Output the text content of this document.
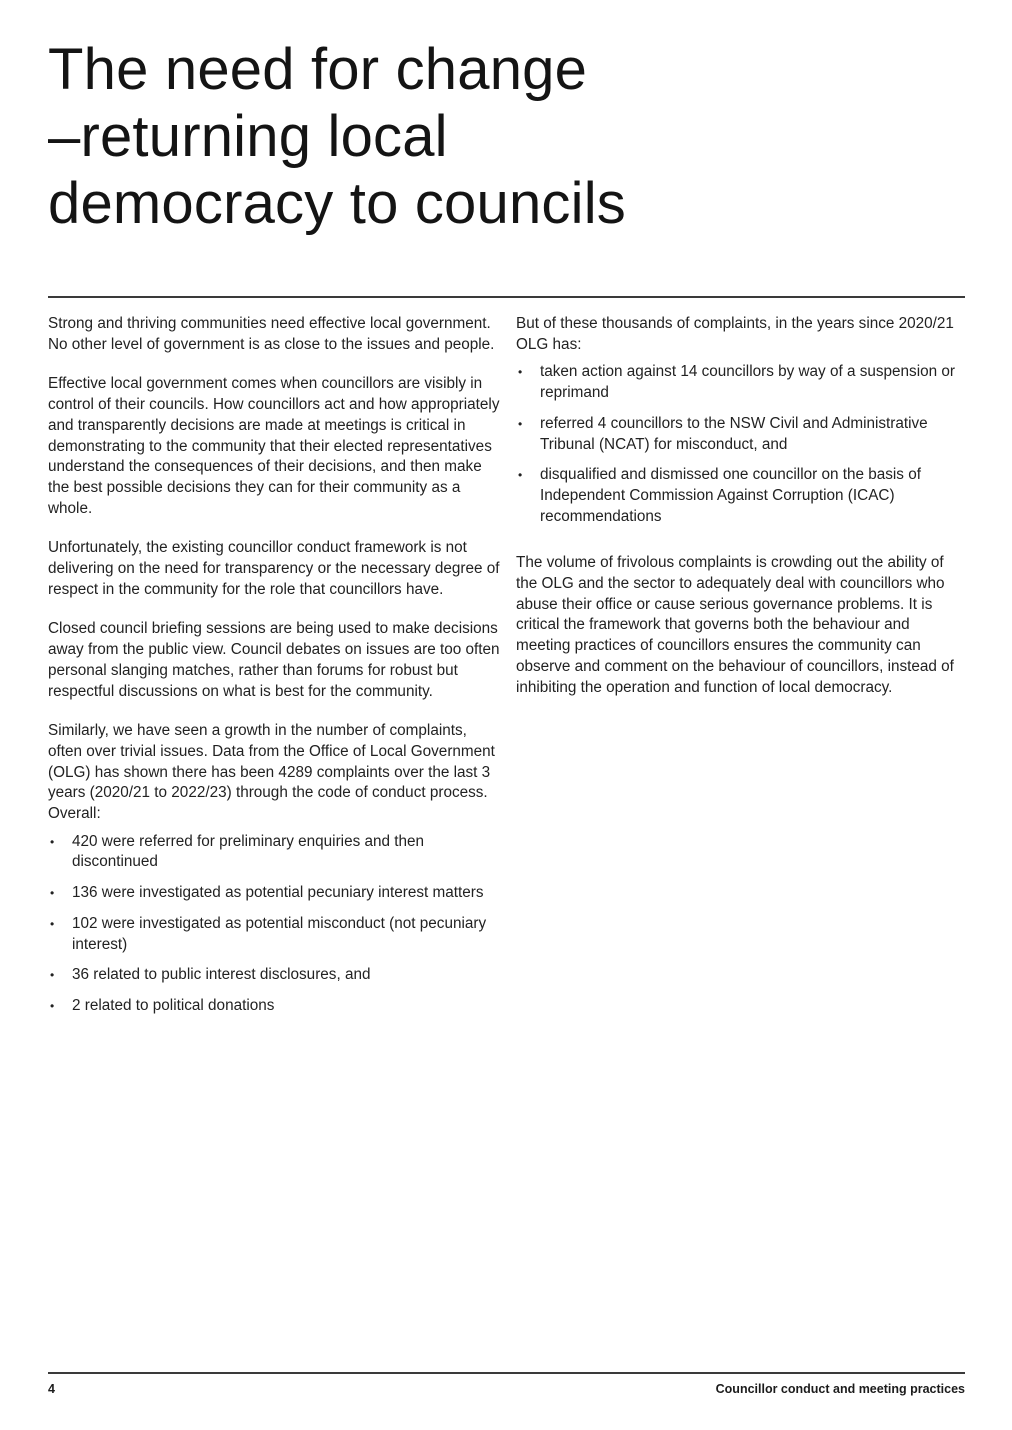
The need for change
–returning local
democracy to councils

Strong and thriving communities need effective local government. No other level of government is as close to the issues and people.

Effective local government comes when councillors are visibly in control of their councils. How councillors act and how appropriately and transparently decisions are made at meetings is critical in demonstrating to the community that their elected representatives understand the consequences of their decisions, and then make the best possible decisions they can for their community as a whole.

Unfortunately, the existing councillor conduct framework is not delivering on the need for transparency or the necessary degree of respect in the community for the role that councillors have.

Closed council briefing sessions are being used to make decisions away from the public view. Council debates on issues are too often personal slanging matches, rather than forums for robust but respectful discussions on what is best for the community.

Similarly, we have seen a growth in the number of complaints, often over trivial issues. Data from the Office of Local Government (OLG) has shown there has been 4289 complaints over the last 3 years (2020/21 to 2022/23) through the code of conduct process. Overall:

• 420 were referred for preliminary enquiries and then discontinued
• 136 were investigated as potential pecuniary interest matters
• 102 were investigated as potential misconduct (not pecuniary interest)
• 36 related to public interest disclosures, and
• 2 related to political donations

But of these thousands of complaints, in the years since 2020/21 OLG has:

• taken action against 14 councillors by way of a suspension or reprimand
• referred 4 councillors to the NSW Civil and Administrative Tribunal (NCAT) for misconduct, and
• disqualified and dismissed one councillor on the basis of Independent Commission Against Corruption (ICAC) recommendations

The volume of frivolous complaints is crowding out the ability of the OLG and the sector to adequately deal with councillors who abuse their office or cause serious governance problems. It is critical the framework that governs both the behaviour and meeting practices of councillors ensures the community can observe and comment on the behaviour of councillors, instead of inhibiting the operation and function of local democracy.

4	Councillor conduct and meeting practices
